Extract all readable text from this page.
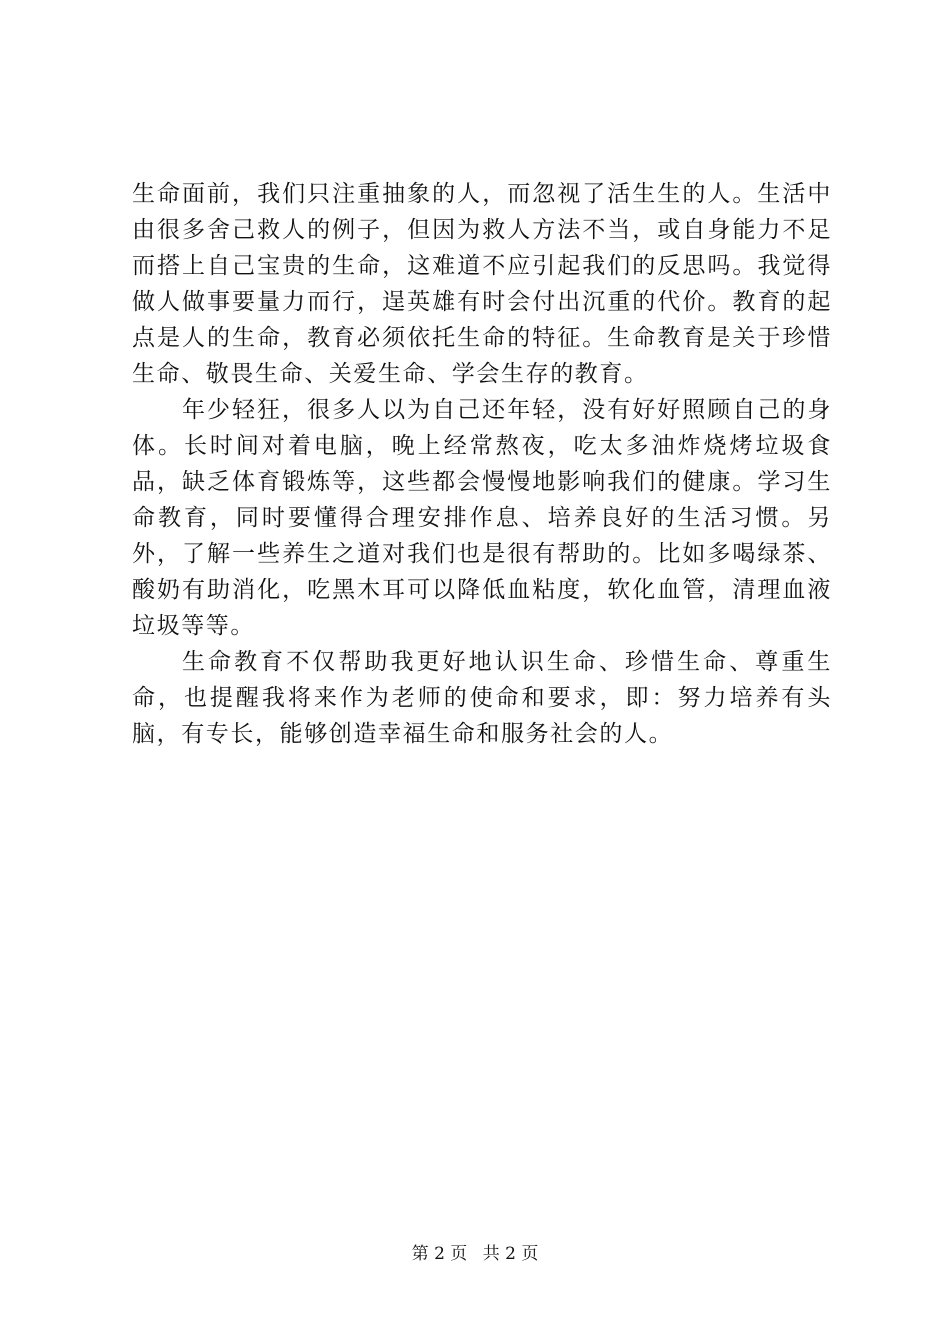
生命面前，我们只注重抽象的人，而忽视了活生生的人。生活中由很多舍己救人的例子，但因为救人方法不当，或自身能力不足而搭上自己宝贵的生命，这难道不应引起我们的反思吗。我觉得做人做事要量力而行，逞英雄有时会付出沉重的代价。教育的起点是人的生命，教育必须依托生命的特征。生命教育是关于珍惜生命、敬畏生命、关爱生命、学会生存的教育。

年少轻狂，很多人以为自己还年轻，没有好好照顾自己的身体。长时间对着电脑，晚上经常熬夜，吃太多油炸烧烤垃圾食品，缺乏体育锻炼等，这些都会慢慢地影响我们的健康。学习生命教育，同时要懂得合理安排作息、培养良好的生活习惯。另外，了解一些养生之道对我们也是很有帮助的。比如多喝绿茶、酸奶有助消化，吃黑木耳可以降低血粘度，软化血管，清理血液垃圾等等。

生命教育不仅帮助我更好地认识生命、珍惜生命、尊重生命，也提醒我将来作为老师的使命和要求，即：努力培养有头脑，有专长，能够创造幸福生命和服务社会的人。

第 2 页 共 2 页
